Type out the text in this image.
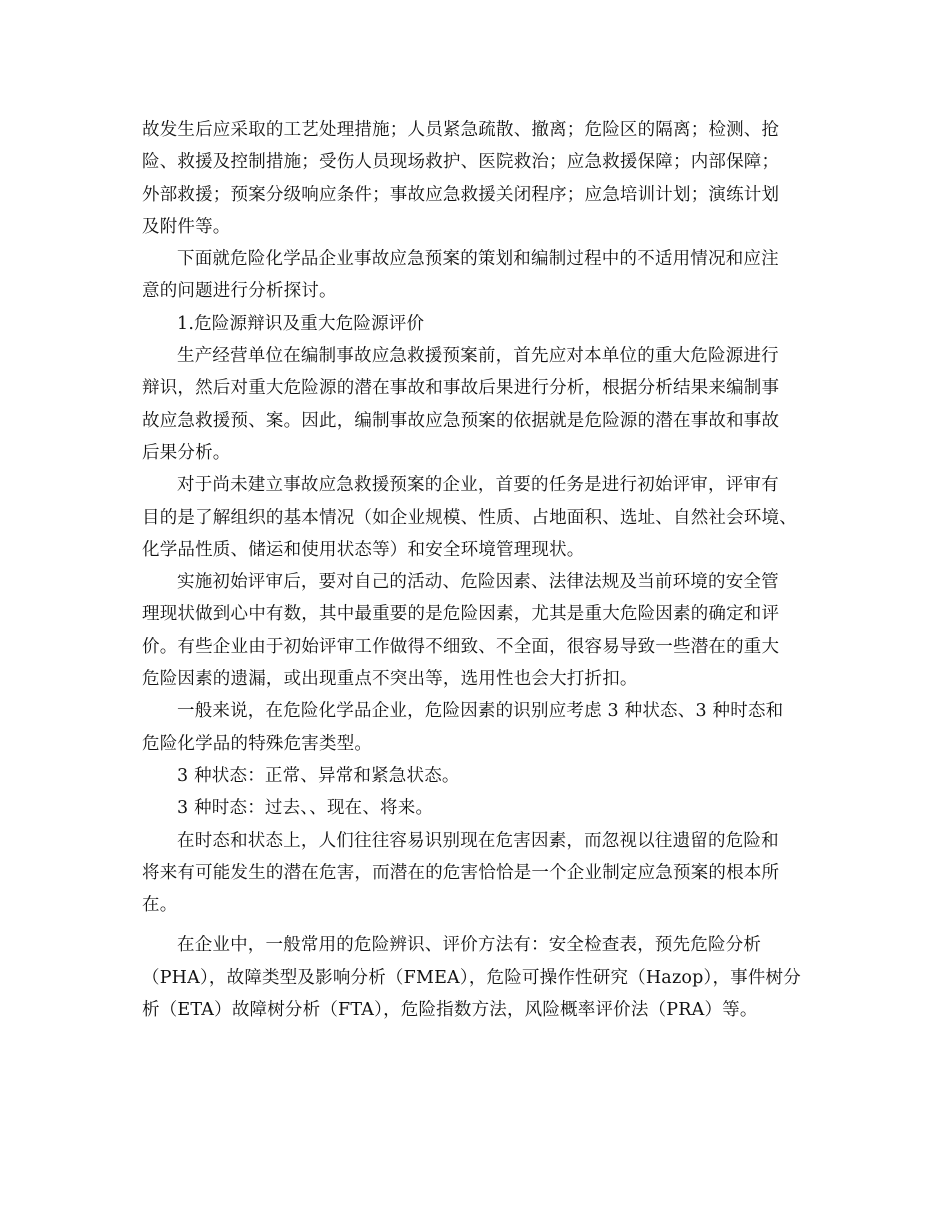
故发生后应采取的工艺处理措施；人员紧急疏散、撤离；危险区的隔离；检测、抢
险、救援及控制措施；受伤人员现场救护、医院救治；应急救援保障；内部保障；
外部救援；预案分级响应条件；事故应急救援关闭程序；应急培训计划；演练计划
及附件等。
下面就危险化学品企业事故应急预案的策划和编制过程中的不适用情况和应注
意的问题进行分析探讨。
1.危险源辩识及重大危险源评价
生产经营单位在编制事故应急救援预案前，首先应对本单位的重大危险源进行
辩识，然后对重大危险源的潜在事故和事故后果进行分析，根据分析结果来编制事
故应急救援预、案。因此，编制事故应急预案的依据就是危险源的潜在事故和事故
后果分析。
对于尚未建立事故应急救援预案的企业，首要的任务是进行初始评审，评审有
目的是了解组织的基本情况（如企业规模、性质、占地面积、选址、自然社会环境、
化学品性质、储运和使用状态等）和安全环境管理现状。
实施初始评审后，要对自己的活动、危险因素、法律法规及当前环境的安全管
理现状做到心中有数，其中最重要的是危险因素，尤其是重大危险因素的确定和评
价。有些企业由于初始评审工作做得不细致、不全面，很容易导致一些潜在的重大
危险因素的遗漏，或出现重点不突出等，选用性也会大打折扣。
一般来说，在危险化学品企业，危险因素的识别应考虑 3 种状态、3 种时态和
危险化学品的特殊危害类型。
3 种状态：正常、异常和紧急状态。
3 种时态：过去、、现在、将来。
在时态和状态上，人们往往容易识别现在危害因素，而忽视以往遗留的危险和
将来有可能发生的潜在危害，而潜在的危害恰恰是一个企业制定应急预案的根本所
在。
在企业中，一般常用的危险辨识、评价方法有：安全检查表，预先危险分析
（PHA），故障类型及影响分析（FMEA），危险可操作性研究（Hazop），事件树分
析（ETA）故障树分析（FTA），危险指数方法，风险概率评价法（PRA）等。
